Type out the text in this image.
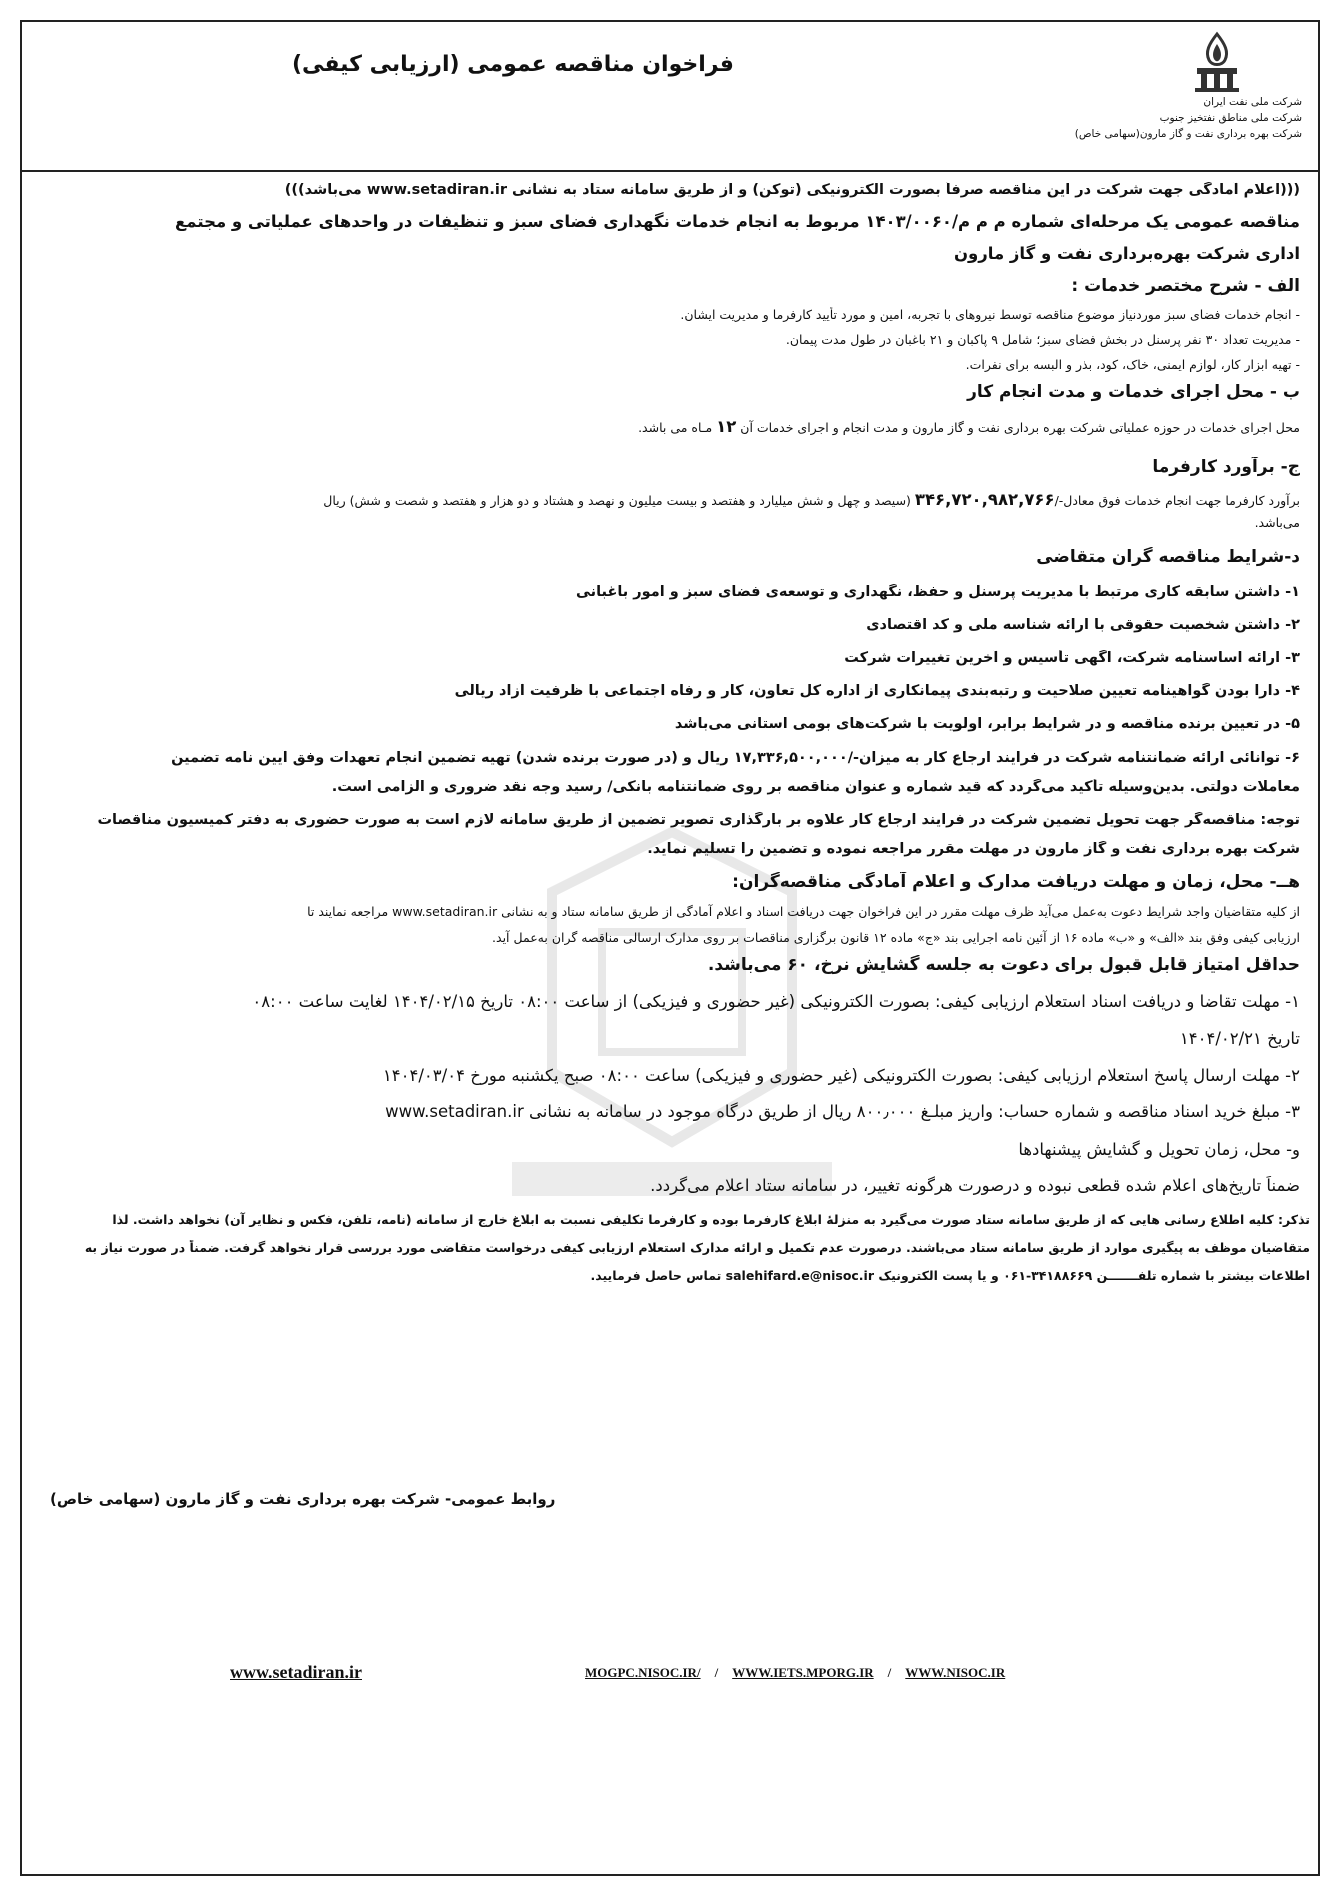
فراخوان مناقصه عمومی (ارزیابی کیفی)
شرکت ملی نفت ایران
شرکت ملی مناطق نفتخیز جنوب
شرکت بهره برداری نفت و گاز مارون(سهامی خاص)
(((اعلام آمادگی جهت شرکت در این مناقصه صرفاً بصورت الکترونیکی (توکن) و از طریق سامانه ستاد به نشانی www.setadiran.ir می‌باشد)))
مناقصه عمومی یک مرحله‌ای شماره م م م/۱۴۰۳/۰۰۶۰ مربوط به انجام خدمات نگهداری فضای سبز و تنظیفات در واحدهای عملیاتی و مجتمع
اداری شرکت بهره‌برداری نفت و گاز مارون
الف - شرح مختصر خدمات :
- انجام خدمات فضای سبز موردنیاز موضوع مناقصه توسط نیروهای با تجربه، امین و مورد تأیید کارفرما و مدیریت ایشان.
- مدیریت تعداد ۳۰ نفر پرسنل در بخش فضای سبز؛ شامل ۹ پاکبان و ۲۱ باغبان در طول مدت پیمان.
- تهیه ابزار کار، لوازم ایمنی، خاک، کود، بذر و البسه برای نفرات.
ب - محل اجرای خدمات و مدت انجام کار
محل اجرای خدمات در حوزه عملیاتی شرکت بهره برداری نفت و گاز مارون و مدت انجام و اجرای خدمات آن ۱۲ مـاه می باشد.
ج- برآورد کارفرما
برآورد کارفرما جهت انجام خدمات فوق معادل-/۳۴۶,۷۲۰,۹۸۲,۷۶۶ (سیصد و چهل و شش میلیارد و هفتصد و بیست میلیون و نهصد و هشتاد و دو هزار و هفتصد و شصت و شش) ریال
می‌باشد.
د-شرایط مناقصه گران متقاضی
۱- داشتن سابقه کاری مرتبط با مدیریت پرسنل و حفظ، نگهداری و توسعه‌ی فضای سبز و امور باغبانی
۲- داشتن شخصیت حقوقی با ارائه شناسه ملی و کد اقتصادی
۳- ارائه اساسنامه شرکت، آگهی تأسیس و آخرین تغییرات شرکت
۴- دارا بودن گواهینامه تعیین صلاحیت و رتبه‌بندی پیمانکاری از اداره کل تعاون، کار و رفاه اجتماعی با ظرفیت آزاد ریالی
۵- در تعیین برنده مناقصه و در شرایط برابر، اولویت با شرکت‌های بومی استانی می‌باشد
۶- توانائی ارائه ضمانتنامه شرکت در فرایند ارجاع کار به میزان-/۱۷,۳۳۶,۵۰۰,۰۰۰ ریال و (در صورت برنده شدن) تهیه تضمین انجام تعهدات وفق آیین نامه تضمین
معاملات دولتی. بدین‌وسیله تأکید می‌گردد که قید شماره و عنوان مناقصه بر روی ضمانتنامه بانکی/ رسید وجه نقد ضروری و الزامی است.
توجه: مناقصه‌گر جهت تحویل تضمین شرکت در فرایند ارجاع کار علاوه بر بارگذاری تصویر تضمین از طریق سامانه لازم است به صورت حضوری به دفتر کمیسیون مناقصات
شرکت بهره برداری نفت و گاز مارون در مهلت مقرر مراجعه نموده و تضمین را تسلیم نماید.
هــ- محل، زمان و مهلت دریافت مدارک و اعلام آمادگی مناقصه‌گران:
از کلیه متقاضیان واجد شرایط دعوت به‌عمل می‌آید ظرف مهلت مقرر در این فراخوان جهت دریافت اسناد و اعلام آمادگی از طریق سامانه ستاد و به نشانی www.setadiran.ir مراجعه نمایند تا
ارزیابی کیفی وفق بند «الف» و «ب» ماده ۱۶ از آئین نامه اجرایی بند «ج» ماده ۱۲ قانون برگزاری مناقصات بر روی مدارک ارسالی مناقصه گران به‌عمل آید.
حداقل امتیاز قابل قبول برای دعوت به جلسه گشایش نرخ، ۶۰ می‌باشد.
۱- مهلت تقاضا و دریافت اسناد استعلام ارزیابی کیفی: بصورت الکترونیکی (غیر حضوری و فیزیکی) از ساعت ۰۸:۰۰ تاریخ ۱۴۰۴/۰۲/۱۵ لغایت ساعت ۰۸:۰۰
تاریخ ۱۴۰۴/۰۲/۲۱
۲- مهلت ارسال پاسخ استعلام ارزیابی کیفی: بصورت الکترونیکی (غیر حضوری و فیزیکی) ساعت ۰۸:۰۰ صبح یکشنبه مورخ ۱۴۰۴/۰۳/۰۴
۳- مبلغ خرید اسناد مناقصه و شماره حساب: واریز مبلـغ ۸۰۰٫۰۰۰ ریال از طریق درگاه موجود در سامانه به نشانی www.setadiran.ir
و- محل، زمان تحویل و گشایش پیشنهادها
ضمناً تاریخ‌های اعلام شده قطعی نبوده و درصورت هرگونه تغییر، در سامانه ستاد اعلام می‌گردد.
تذکر: کلیه اطلاع رسانی هایی که از طریق سامانه ستاد صورت می‌گیرد به منزلهٔ ابلاغ کارفرما بوده و کارفرما تکلیفی نسبت به ابلاغ خارج از سامانه (نامه، تلفن، فکس و نظایر آن) نخواهد داشت. لذا
متقاضیان موظف به پیگیری موارد از طریق سامانه ستاد می‌باشند. درصورت عدم تکمیل و ارائه مدارک استعلام ارزیابی کیفی درخواست متقاضی مورد بررسی قرار نخواهد گرفت. ضمناً در صورت نیاز به
اطلاعات بیشتر با شماره تلفـــــــن ۳۴۱۸۸۶۶۹-۰۶۱ و یا پست الکترونیک salehifard.e@nisoc.ir تماس حاصل فرمایید.
روابط عمومی- شرکت بهره برداری نفت و گاز مارون (سهامی خاص)
www.setadiran.ir	MOGPC.NISOC.IR/ / WWW.IETS.MPORG.IR / WWW.NISOC.IR
